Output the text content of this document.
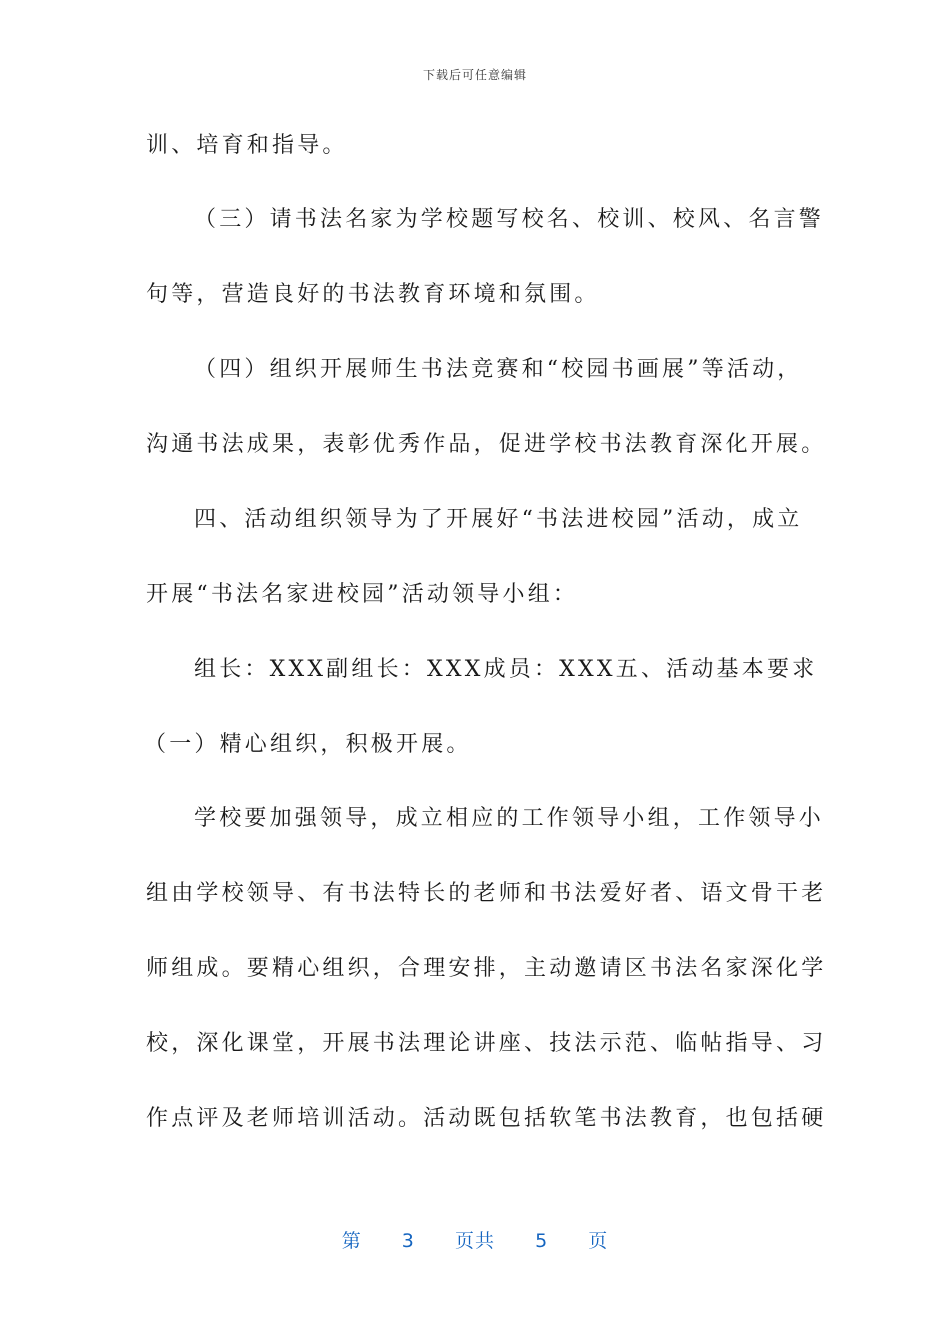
下载后可任意编辑
训、培育和指导。
（三）请书法名家为学校题写校名、校训、校风、名言警
句等，营造良好的书法教育环境和氛围。
（四）组织开展师生书法竞赛和“校园书画展”等活动，
沟通书法成果，表彰优秀作品，促进学校书法教育深化开展。
四、活动组织领导为了开展好“书法进校园”活动，成立
开展“书法名家进校园”活动领导小组：
组长：XXX副组长：XXX成员：XXX五、活动基本要求
（一）精心组织，积极开展。
学校要加强领导，成立相应的工作领导小组，工作领导小
组由学校领导、有书法特长的老师和书法爱好者、语文骨干老
师组成。要精心组织，合理安排，主动邀请区书法名家深化学
校，深化课堂，开展书法理论讲座、技法示范、临帖指导、习
作点评及老师培训活动。活动既包括软笔书法教育，也包括硬
第 3 页共 5 页
